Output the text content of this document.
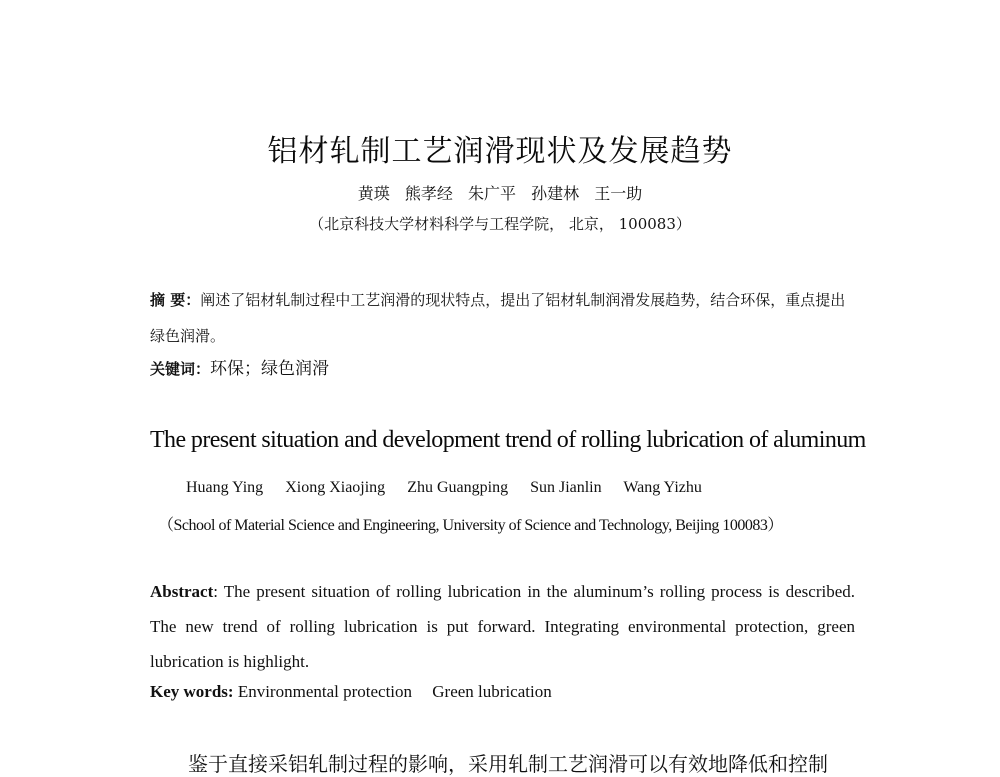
铝材轧制工艺润滑现状及发展趋势
黄瑛 熊孝经 朱广平 孙建林 王一助
（北京科技大学材料科学与工程学院， 北京， 100083）
摘 要：阐述了铝材轧制过程中工艺润滑的现状特点，提出了铝材轧制润滑发展趋势，结合环保，重点提出绿色润滑。
关键词：环保；绿色润滑
The present situation and development trend of rolling lubrication of aluminum
Huang Ying Xiong Xiaojing Zhu Guangping Sun Jianlin Wang Yizhu
（School of Material Science and Engineering, University of Science and Technology, Beijing 100083）
Abstract: The present situation of rolling lubrication in the aluminum’s rolling process is described. The new trend of rolling lubrication is put forward. Integrating environmental protection, green lubrication is highlight.
Key words: Environmental protection Green lubrication
鉴于直接采铝轧制过程的影响，采用轧制工艺润滑可以有效地降低和控制
